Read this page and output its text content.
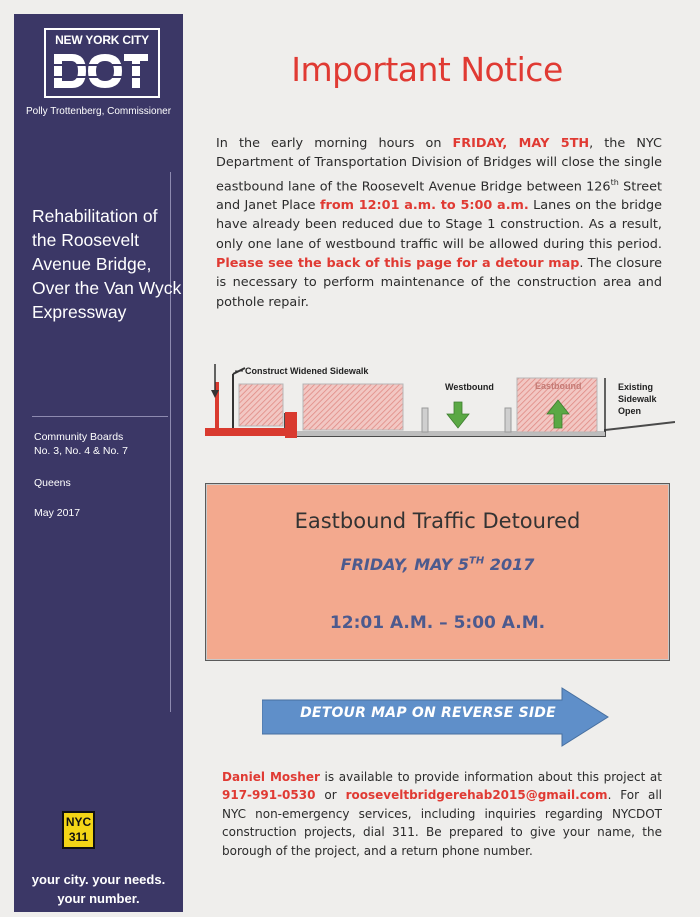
NEW YORK CITY
Polly Trottenberg, Commissioner
Rehabilitation of the Roosevelt Avenue Bridge, Over the Van Wyck Expressway
Community Boards
No. 3, No. 4 & No. 7
Queens
May 2017
NYC
311
your city. your needs.
your number.
Important Notice
In the early morning hours on FRIDAY, MAY 5TH, the NYC Department of Transportation Division of Bridges will close the single eastbound lane of the Roosevelt Avenue Bridge between 126th Street and Janet Place from 12:01 a.m. to 5:00 a.m. Lanes on the bridge have already been reduced due to Stage 1 construction. As a result, only one lane of westbound traffic will be allowed during this period. Please see the back of this page for a detour map. The closure is necessary to perform maintenance of the construction area and pothole repair.
Construct Widened Sidewalk
Westbound	Eastbound	Existing
Sidewalk
Open
Eastbound Traffic Detoured
FRIDAY, MAY 5TH 2017
12:01 A.M. – 5:00 A.M.
DETOUR MAP ON REVERSE SIDE
Daniel Mosher is available to provide information about this project at 917-991-0530 or rooseveltbridgerehab2015@gmail.com. For all NYC non-emergency services, including inquiries regarding NYCDOT construction projects, dial 311. Be prepared to give your name, the borough of the project, and a return phone number.
